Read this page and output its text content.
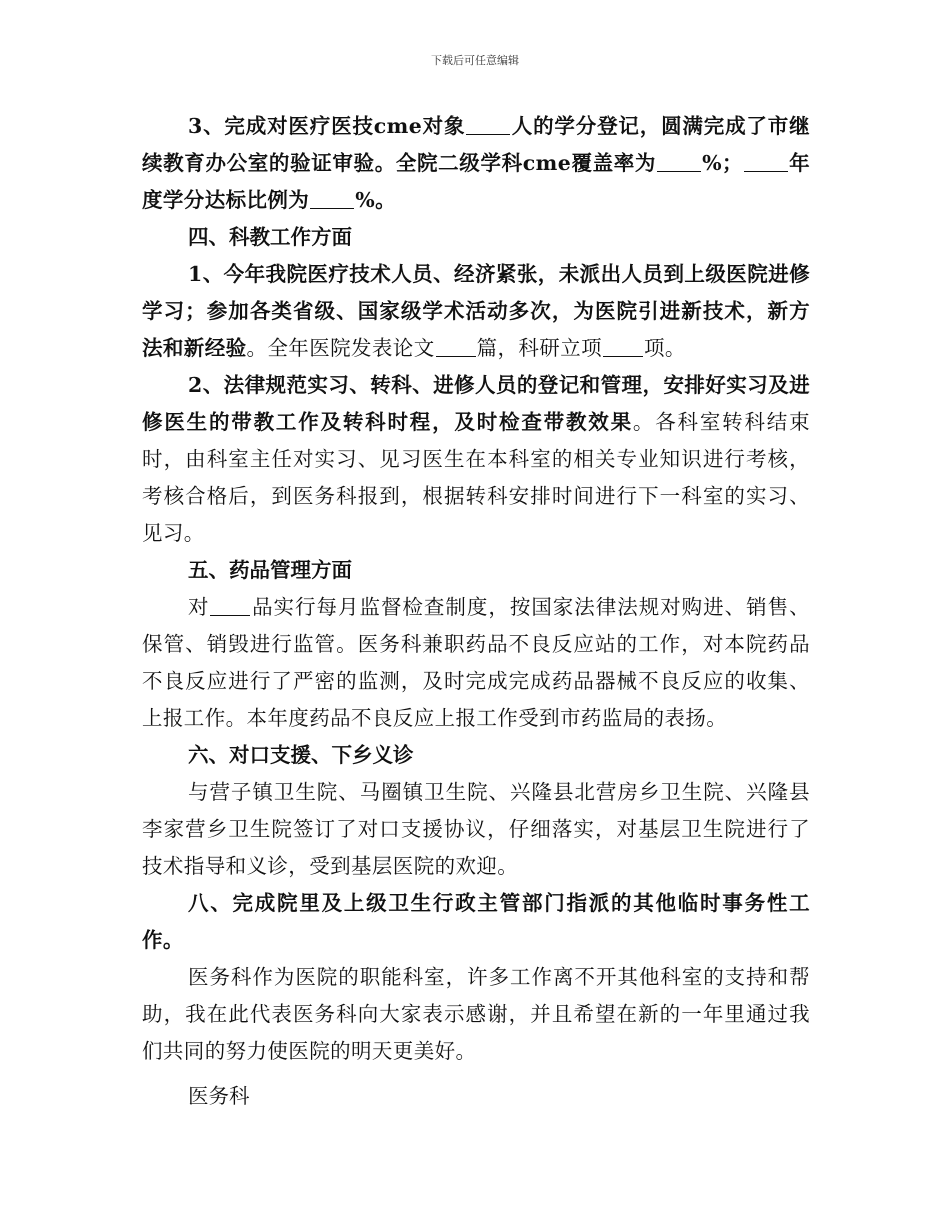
下载后可任意编辑

3、完成对医疗医技cme对象 人的学分登记，圆满完成了市继续教育办公室的验证审验。全院二级学科cme覆盖率为 %； 年度学分达标比例为 %。

四、科教工作方面

1、今年我院医疗技术人员、经济紧张，未派出人员到上级医院进修学习；参加各类省级、国家级学术活动多次，为医院引进新技术，新方法和新经验。全年医院发表论文 篇，科研立项 项。

2、法律规范实习、转科、进修人员的登记和管理，安排好实习及进修医生的带教工作及转科时程，及时检查带教效果。各科室转科结束时，由科室主任对实习、见习医生在本科室的相关专业知识进行考核，考核合格后，到医务科报到，根据转科安排时间进行下一科室的实习、见习。

五、药品管理方面

对 品实行每月监督检查制度，按国家法律法规对购进、销售、保管、销毁进行监管。医务科兼职药品不良反应站的工作，对本院药品不良反应进行了严密的监测，及时完成完成药品器械不良反应的收集、上报工作。本年度药品不良反应上报工作受到市药监局的表扬。

六、对口支援、下乡义诊

与营子镇卫生院、马圈镇卫生院、兴隆县北营房乡卫生院、兴隆县李家营乡卫生院签订了对口支援协议，仔细落实，对基层卫生院进行了技术指导和义诊，受到基层医院的欢迎。

八、完成院里及上级卫生行政主管部门指派的其他临时事务性工作。

医务科作为医院的职能科室，许多工作离不开其他科室的支持和帮助，我在此代表医务科向大家表示感谢，并且希望在新的一年里通过我们共同的努力使医院的明天更美好。

医务科
